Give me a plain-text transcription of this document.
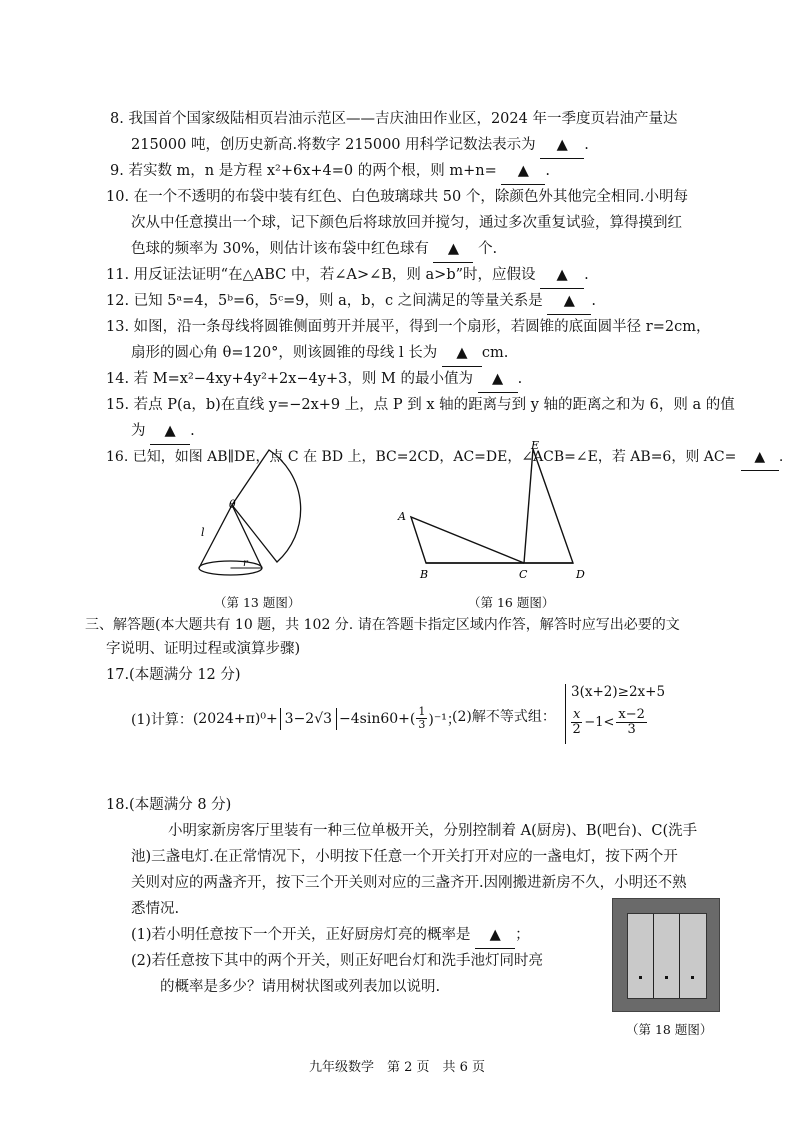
8. 我国首个国家级陆相页岩油示范区——吉庆油田作业区，2024 年一季度页岩油产量达
215000 吨，创历史新高.将数字 215000 用科学记数法表示为 ▲ .
9. 若实数 m，n 是方程 x²+6x+4=0 的两个根，则 m+n= ▲ .
10. 在一个不透明的布袋中装有红色、白色玻璃球共 50 个，除颜色外其他完全相同.小明每
次从中任意摸出一个球，记下颜色后将球放回并搅匀，通过多次重复试验，算得摸到红
色球的频率为 30%，则估计该布袋中红色球有 ▲ 个.
11. 用反证法证明“在△ABC 中，若∠A>∠B，则 a>b”时，应假设 ▲ .
12. 已知 5ᵃ=4，5ᵇ=6，5ᶜ=9，则 a，b，c 之间满足的等量关系是 ▲ .
13. 如图，沿一条母线将圆锥侧面剪开并展平，得到一个扇形，若圆锥的底面圆半径 r=2cm，
扇形的圆心角 θ=120°，则该圆锥的母线 l 长为 ▲ cm.
14. 若 M=x²−4xy+4y²+2x−4y+3，则 M 的最小值为 ▲ .
15. 若点 P(a，b)在直线 y=−2x+9 上，点 P 到 x 轴的距离与到 y 轴的距离之和为 6，则 a 的值
为 ▲ .
16. 已知，如图 AB∥DE，点 C 在 BD 上，BC=2CD，AC=DE，∠ACB=∠E，若 AB=6，则 AC= ▲ .
θ
l
r
（第 13 题图）
A
B	C	D
E
（第 16 题图）
三、解答题(本大题共有 10 题，共 102 分. 请在答题卡指定区域内作答，解答时应写出必要的文
字说明、证明过程或演算步骤)
17.(本题满分 12 分)
(1)计算： $(2024+\pi)^0+ 3-2√3 -4\sin 60+( \frac{1}{3} )^{-1}$；
(2)解不等式组：
3(x+2)≥2x+5
$\frac{x}{2} -1< \frac{x-2}{3}$
18.(本题满分 8 分)
小明家新房客厅里装有一种三位单极开关，分别控制着 A(厨房)、B(吧台)、C(洗手
池)三盏电灯.在正常情况下，小明按下任意一个开关打开对应的一盏电灯，按下两个开
关则对应的两盏齐开，按下三个开关则对应的三盏齐开.因刚搬进新房不久，小明还不熟
悉情况.
(1)若小明任意按下一个开关，正好厨房灯亮的概率是 ▲ ；
(2)若任意按下其中的两个开关，则正好吧台灯和洗手池灯同时亮
的概率是多少？请用树状图或列表加以说明.
（第 18 题图）
九年级数学　第 2 页　共 6 页
